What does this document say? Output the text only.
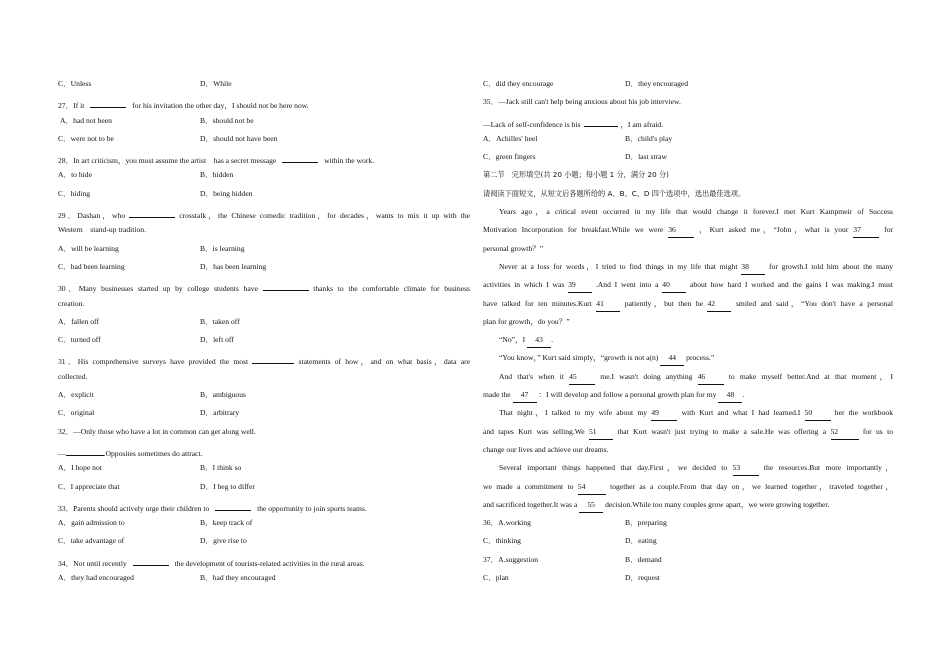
C．Unless	D．While
27．If it	for his invitation the other day，I should not be here now.
A．had not been	B．should not be
C．were not to be	D．should not have been
28．In art criticism，you must assume the artist　has a secret message	within the work.
A．to hide	B．hidden
C．hiding	D．being hidden
29．Dashan，who	crosstalk，the Chinese comedic tradition，for decades，wants to mix it up with the
Western　stand-up tradition.
A．will be learning	B．is learning
C．had been learning	D．has been learning
30．Many businesses started up by college students have	thanks to the comfortable climate for business
creation.
A．fallen off	B．taken off
C．turned off	D．left off
31．His comprehensive surveys have provided the most	statements of how，and on what basis，data are
collected.
A．explicit	B．ambiguous
C．original	D．arbitrary
32．—Only those who have a lot in common can get along well.
—	.Opposites sometimes do attract.
A．I hope not	B．I think so
C．I appreciate that	D．I beg to differ
33．Parents should actively urge their children to	the opportunity to join sports teams.
A．gain admission to	B．keep track of
C．take advantage of	D．give rise to
34．Not until recently	the development of tourists-related activities in the rural areas.
A．they had encouraged	B．had they encouraged
C．did they encourage	D．they encouraged
35．—Jack still can't help being anxious about his job interview.
—Lack of self-confidence is his	，I am afraid.
A．Achilles' heel	B．child's play
C．green fingers	D．last straw
第二节　完形填空(共 20 小题；每小题 1 分，满分 20 分)
请阅读下面短文，从短文后各题所给的 A、B、C、D 四个选项中，选出最佳选项。
Years ago，a critical event occurred in my life that would change it forever.I met Kurt Kampmeir of Success
Motivation Incorporation for breakfast.While we were 36	，Kurt asked me，“John，what is your 37	for
personal growth？”
Never at a loss for words，I tried to find things in my life that might 38	for growth.I told him about the many
activities in which I was 39	.And I went into a 40	about how hard I worked and the gains I was making.I must
have talked for ten minutes.Kurt 41	patiently，but then he 42	smiled and said，“You don't have a personal
plan for growth，do you？”
“No”，I 43 .
“You know，” Kurt said simply，“growth is not a(n) 44 process.”
And that's when it 45	me.I wasn't doing anything 46	to make myself better.And at that moment，I
made the 47 ：I will develop and follow a personal growth plan for my 48 .
That night，I talked to my wife about my 49	with Kurt and what I had learned.I 50	her the workbook
and tapes Kurt was selling.We 51	that Kurt wasn't just trying to make a sale.He was offering a 52	for us to
change our lives and achieve our dreams.
Several important things happened that day.First，we decided to 53	the resources.But more importantly，
we made a commitment to 54	together as a couple.From that day on，we learned together，traveled together，
and sacrificed together.It was a 55 decision.While too many couples grow apart，we were growing together.
36．A.working	B．preparing
C．thinking	D．eating
37．A.suggestion	B．demand
C．plan	D．request
